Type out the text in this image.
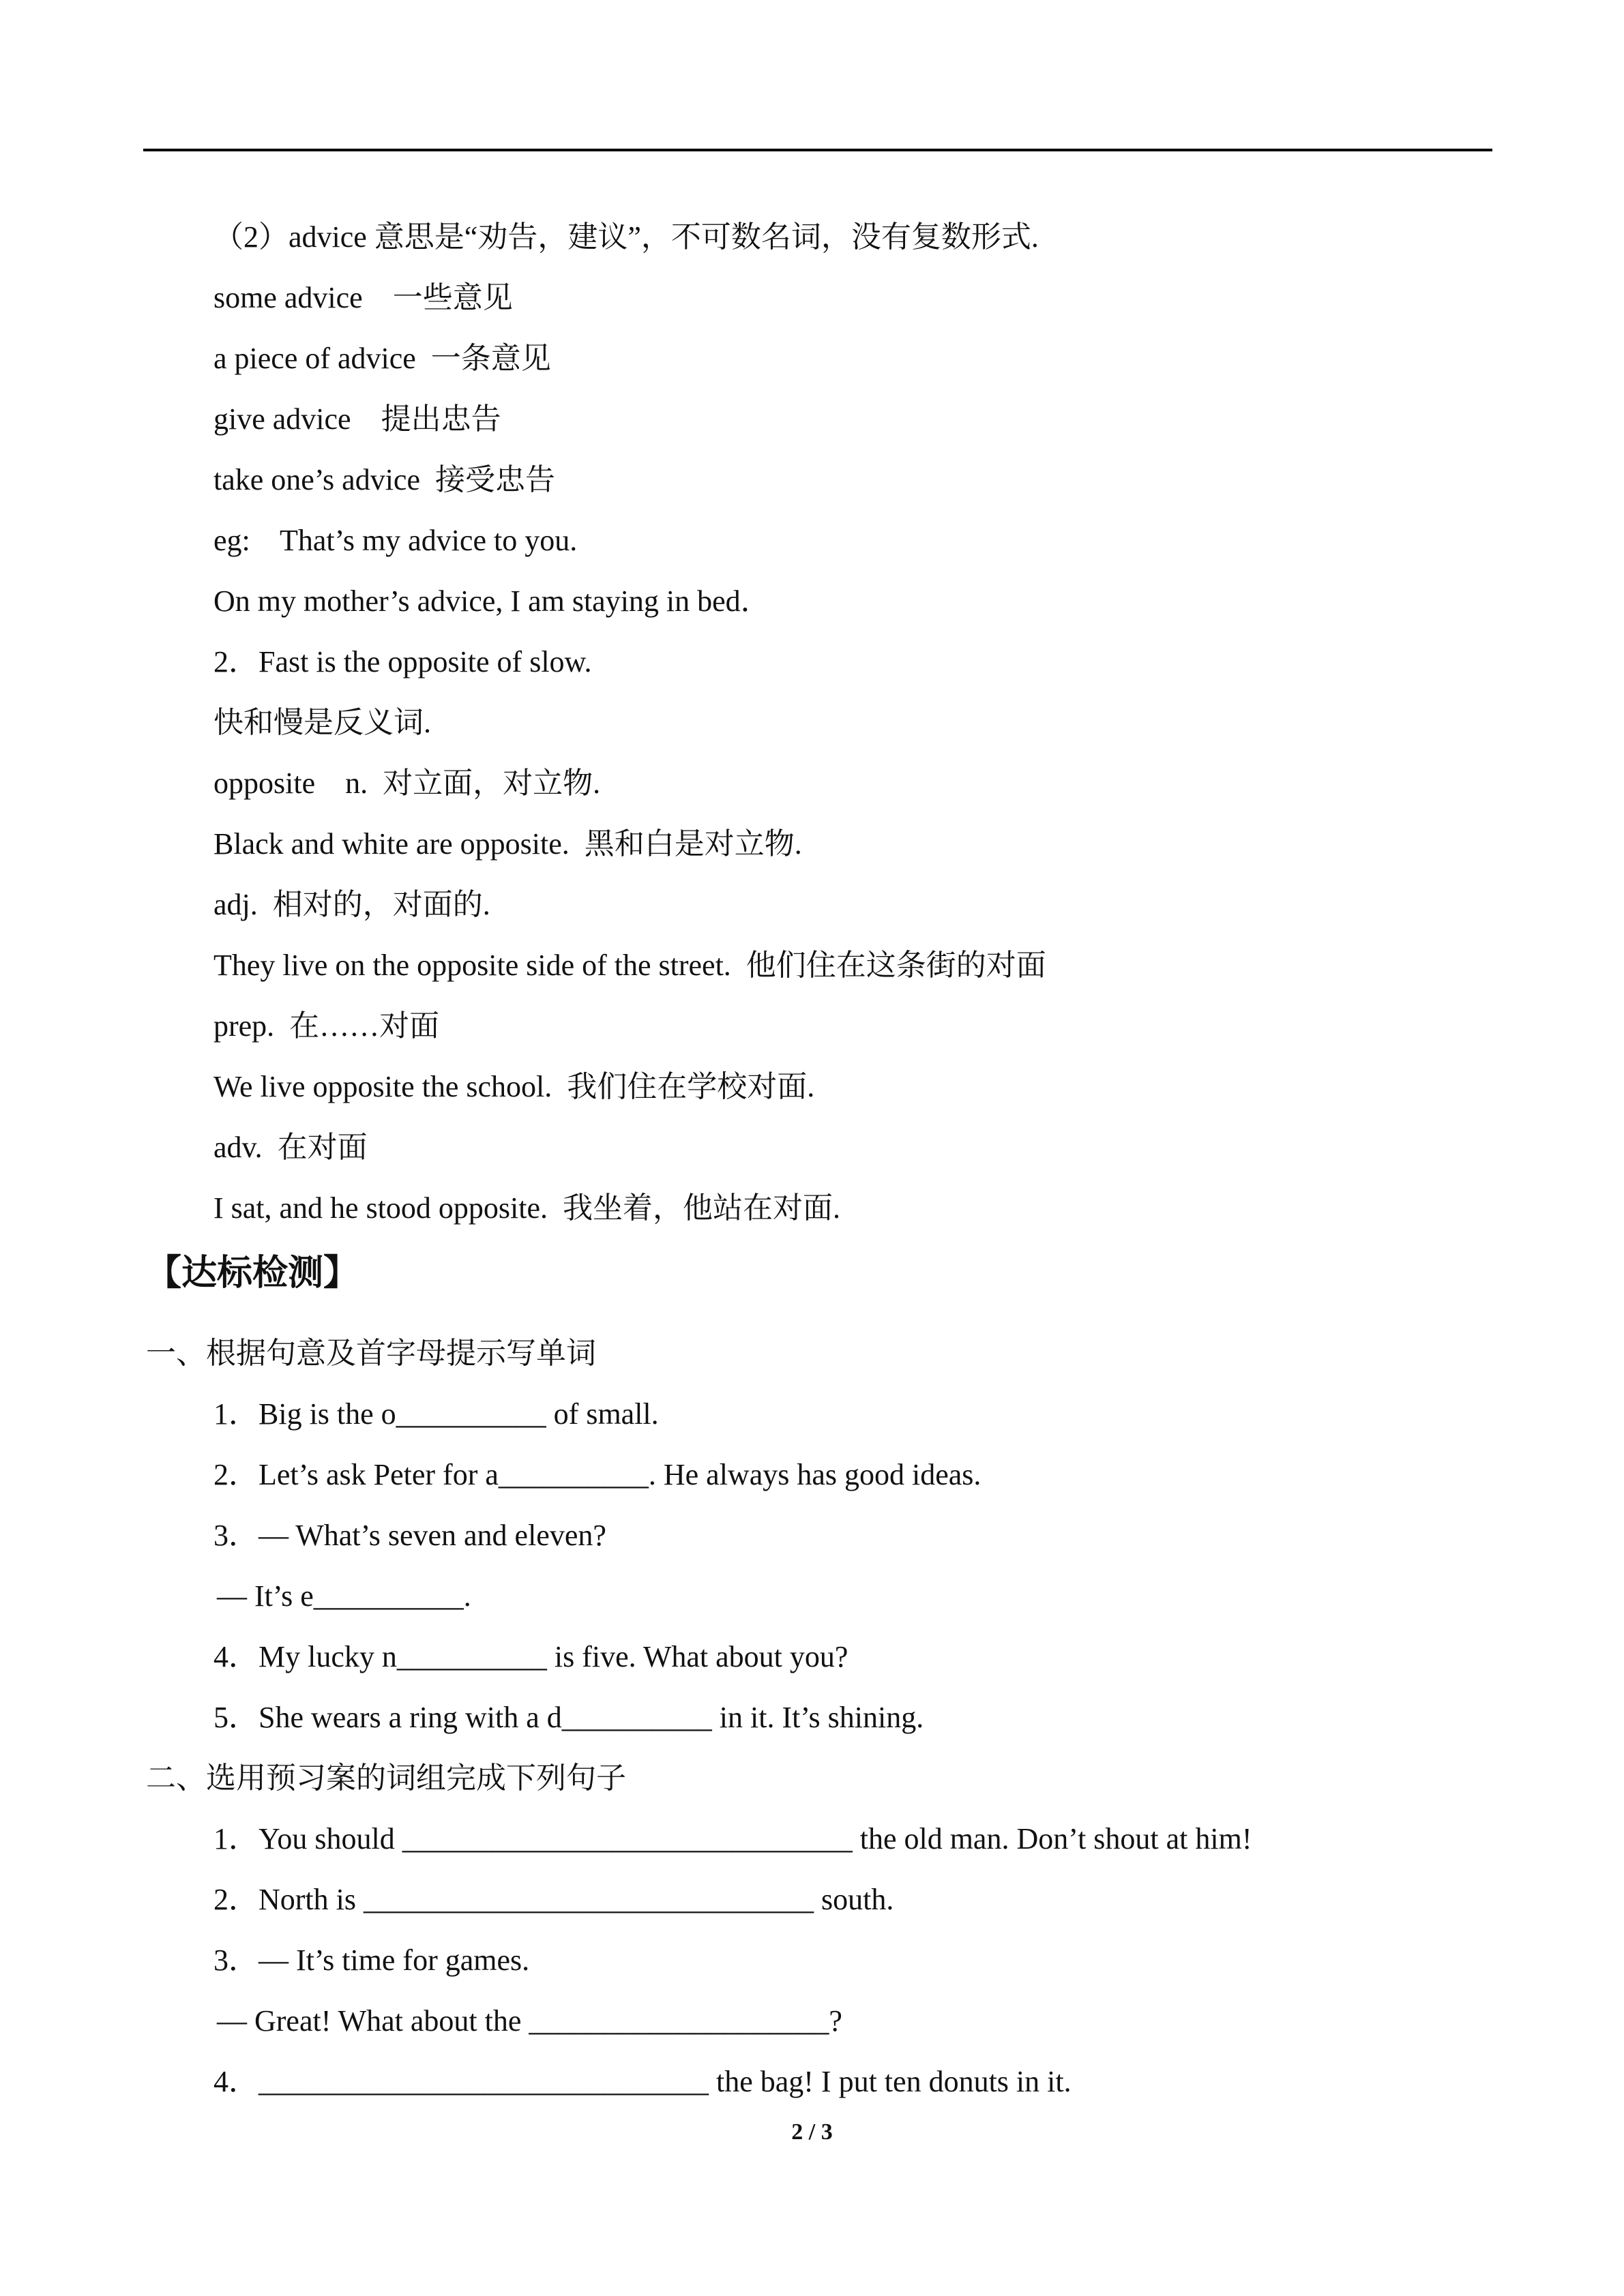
（2）advice 意思是“劝告，建议”，不可数名词，没有复数形式.
some advice    一些意见
a piece of advice  一条意见
give advice    提出忠告
take one’s advice  接受忠告
eg:    That’s my advice to you.
On my mother’s advice, I am staying in bed．
2．Fast is the opposite of slow.
快和慢是反义词.
opposite    n.  对立面，对立物.
Black and white are opposite.  黑和白是对立物.
adj.  相对的，对面的.
They live on the opposite side of the street.  他们住在这条街的对面
prep.  在……对面
We live opposite the school.  我们住在学校对面.
adv.  在对面
I sat, and he stood opposite.  我坐着，他站在对面.
【达标检测】
一、根据句意及首字母提示写单词
1．Big is the o__________ of small.
2．Let’s ask Peter for a__________. He always has good ideas.
3．— What’s seven and eleven?
— It’s e__________.
4．My lucky n__________ is five. What about you?
5．She wears a ring with a d__________ in it. It’s shining.
二、选用预习案的词组完成下列句子
1．You should ______________________________ the old man. Don’t shout at him!
2．North is ______________________________ south.
3．— It’s time for games.
— Great! What about the ____________________?
4．______________________________ the bag! I put ten donuts in it.
2 / 3
